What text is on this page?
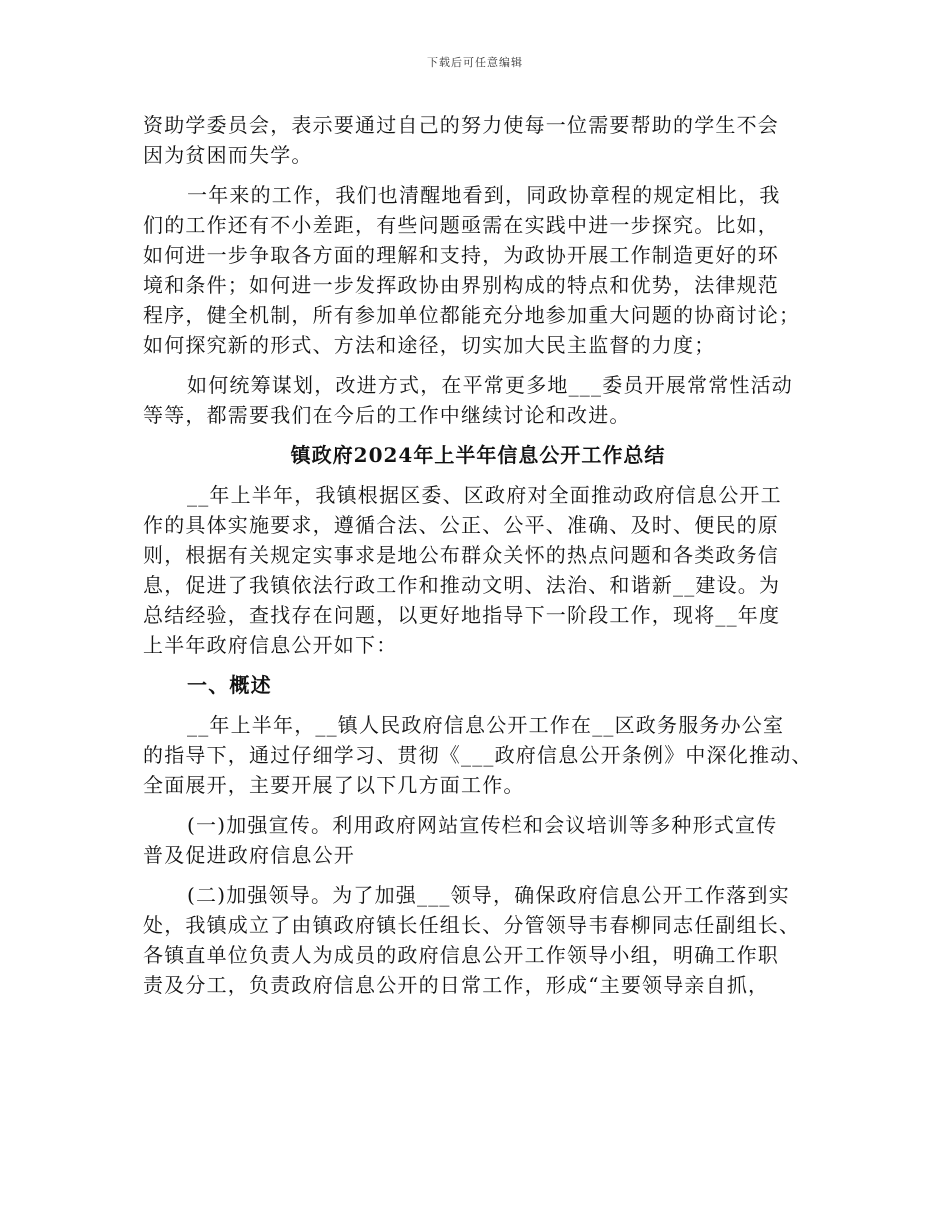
下载后可任意编辑
资助学委员会，表示要通过自己的努力使每一位需要帮助的学生不会
因为贫困而失学。
一年来的工作，我们也清醒地看到，同政协章程的规定相比，我
们的工作还有不小差距，有些问题亟需在实践中进一步探究。比如，
如何进一步争取各方面的理解和支持，为政协开展工作制造更好的环
境和条件；如何进一步发挥政协由界别构成的特点和优势，法律规范
程序，健全机制，所有参加单位都能充分地参加重大问题的协商讨论；
如何探究新的形式、方法和途径，切实加大民主监督的力度；
如何统筹谋划，改进方式，在平常更多地___委员开展常常性活动
等等，都需要我们在今后的工作中继续讨论和改进。
镇政府2024年上半年信息公开工作总结
__年上半年，我镇根据区委、区政府对全面推动政府信息公开工
作的具体实施要求，遵循合法、公正、公平、准确、及时、便民的原
则，根据有关规定实事求是地公布群众关怀的热点问题和各类政务信
息，促进了我镇依法行政工作和推动文明、法治、和谐新__建设。为
总结经验，查找存在问题，以更好地指导下一阶段工作，现将__年度
上半年政府信息公开如下：
一、概述
__年上半年，__镇人民政府信息公开工作在__区政务服务办公室
的指导下，通过仔细学习、贯彻《___政府信息公开条例》中深化推动、
全面展开，主要开展了以下几方面工作。
(一)加强宣传。利用政府网站宣传栏和会议培训等多种形式宣传
普及促进政府信息公开
(二)加强领导。为了加强___领导，确保政府信息公开工作落到实
处，我镇成立了由镇政府镇长任组长、分管领导韦春柳同志任副组长、
各镇直单位负责人为成员的政府信息公开工作领导小组，明确工作职
责及分工，负责政府信息公开的日常工作，形成“主要领导亲自抓，
